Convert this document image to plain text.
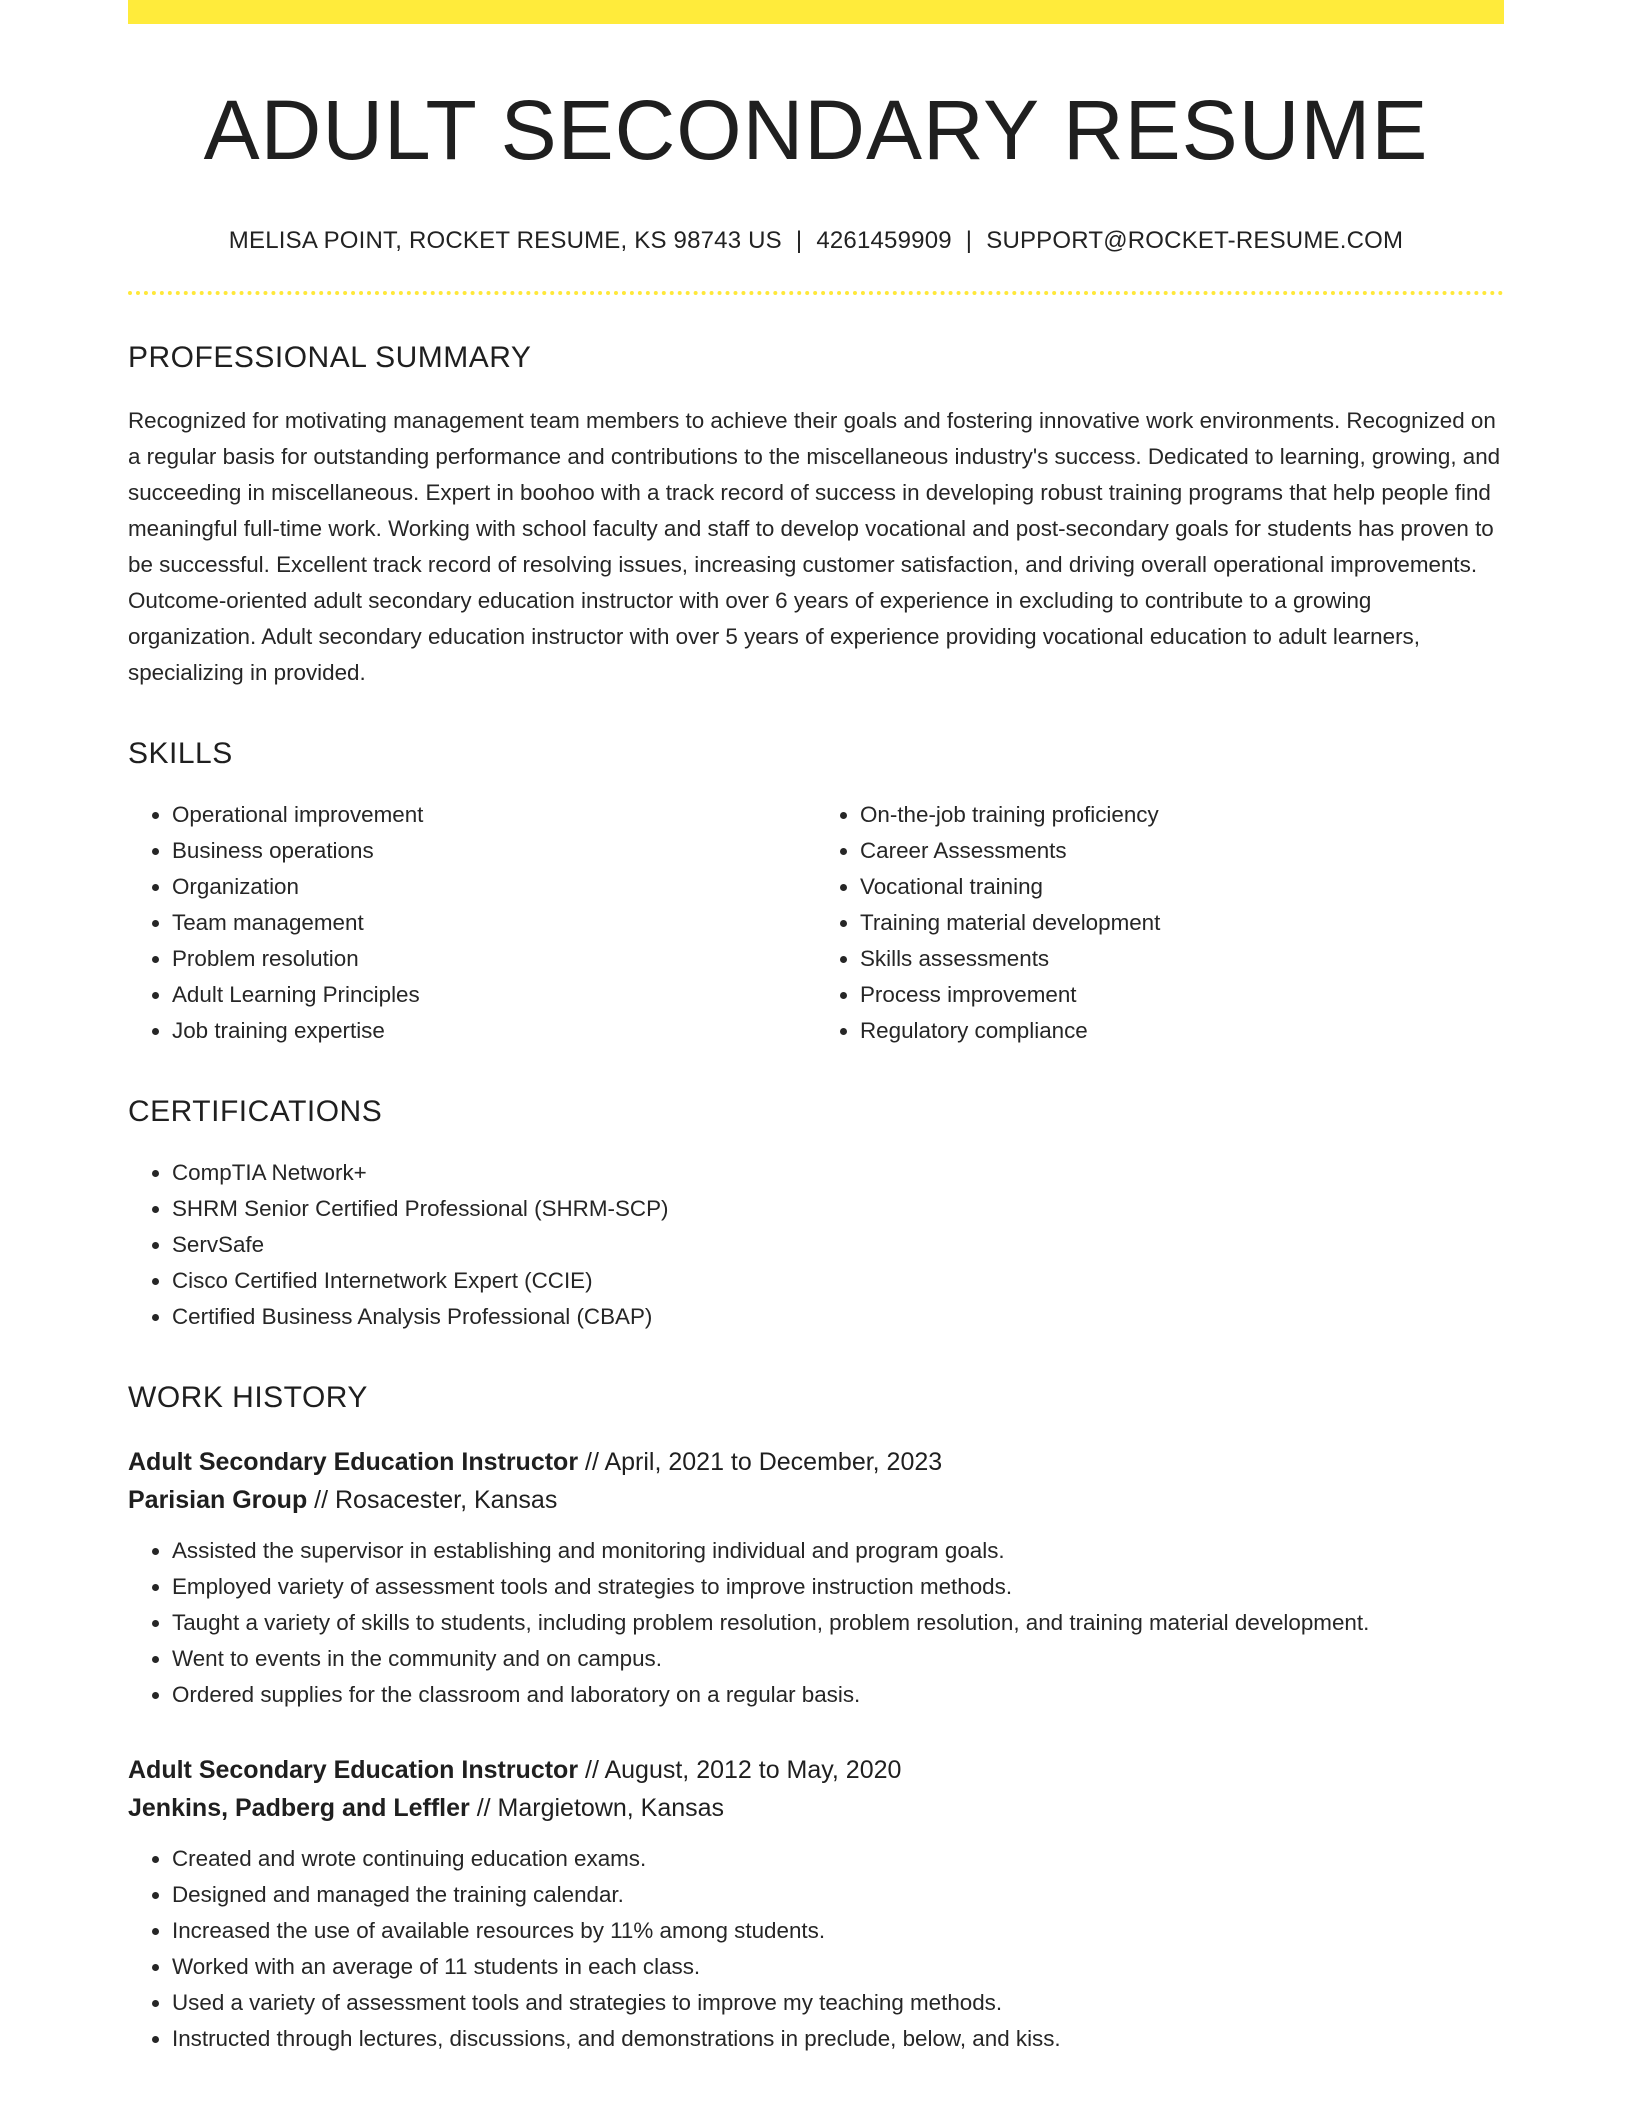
ADULT SECONDARY RESUME
MELISA POINT, ROCKET RESUME, KS 98743 US | 4261459909 | SUPPORT@ROCKET-RESUME.COM
PROFESSIONAL SUMMARY
Recognized for motivating management team members to achieve their goals and fostering innovative work environments. Recognized on a regular basis for outstanding performance and contributions to the miscellaneous industry's success. Dedicated to learning, growing, and succeeding in miscellaneous. Expert in boohoo with a track record of success in developing robust training programs that help people find meaningful full-time work. Working with school faculty and staff to develop vocational and post-secondary goals for students has proven to be successful. Excellent track record of resolving issues, increasing customer satisfaction, and driving overall operational improvements. Outcome-oriented adult secondary education instructor with over 6 years of experience in excluding to contribute to a growing organization. Adult secondary education instructor with over 5 years of experience providing vocational education to adult learners, specializing in provided.
SKILLS
• Operational improvement
• Business operations
• Organization
• Team management
• Problem resolution
• Adult Learning Principles
• Job training expertise
• On-the-job training proficiency
• Career Assessments
• Vocational training
• Training material development
• Skills assessments
• Process improvement
• Regulatory compliance
CERTIFICATIONS
• CompTIA Network+
• SHRM Senior Certified Professional (SHRM-SCP)
• ServSafe
• Cisco Certified Internetwork Expert (CCIE)
• Certified Business Analysis Professional (CBAP)
WORK HISTORY
Adult Secondary Education Instructor // April, 2021 to December, 2023
Parisian Group // Rosacester, Kansas
• Assisted the supervisor in establishing and monitoring individual and program goals.
• Employed variety of assessment tools and strategies to improve instruction methods.
• Taught a variety of skills to students, including problem resolution, problem resolution, and training material development.
• Went to events in the community and on campus.
• Ordered supplies for the classroom and laboratory on a regular basis.
Adult Secondary Education Instructor // August, 2012 to May, 2020
Jenkins, Padberg and Leffler // Margietown, Kansas
• Created and wrote continuing education exams.
• Designed and managed the training calendar.
• Increased the use of available resources by 11% among students.
• Worked with an average of 11 students in each class.
• Used a variety of assessment tools and strategies to improve my teaching methods.
• Instructed through lectures, discussions, and demonstrations in preclude, below, and kiss.
